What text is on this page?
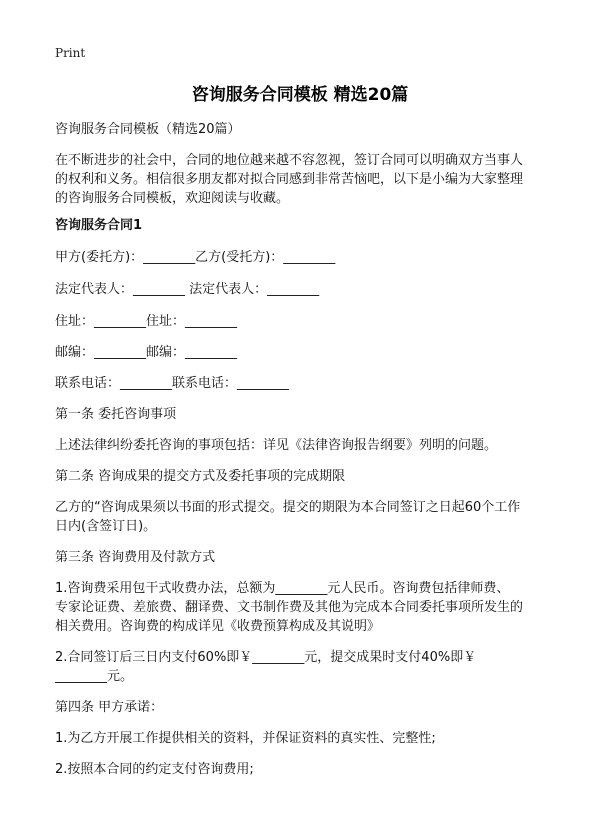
Print
咨询服务合同模板 精选20篇

咨询服务合同模板（精选20篇）

在不断进步的社会中，合同的地位越来越不容忽视，签订合同可以明确双方当事人

的权利和义务。相信很多朋友都对拟合同感到非常苦恼吧，以下是小编为大家整理

的咨询服务合同模板，欢迎阅读与收藏。

咨询服务合同1

甲方(委托方)：________乙方(受托方)：________

法定代表人：________ 法定代表人：________

住址：________住址：________

邮编：________邮编：________

联系电话：________联系电话：________

第一条 委托咨询事项

上述法律纠纷委托咨询的事项包括：详见《法律咨询报告纲要》列明的问题。

第二条 咨询成果的提交方式及委托事项的完成期限

乙方的“咨询成果须以书面的形式提交。提交的期限为本合同签订之日起60个工作

日内(含签订日)。

第三条 咨询费用及付款方式

1.咨询费采用包干式收费办法，总额为________元人民币。咨询费包括律师费、

专家论证费、差旅费、翻译费、文书制作费及其他为完成本合同委托事项所发生的

相关费用。咨询费的构成详见《收费预算构成及其说明》

2.合同签订后三日内支付60%即￥________元，提交成果时支付40%即￥

________元。

第四条 甲方承诺：

1.为乙方开展工作提供相关的资料，并保证资料的真实性、完整性;

2.按照本合同的约定支付咨询费用;
